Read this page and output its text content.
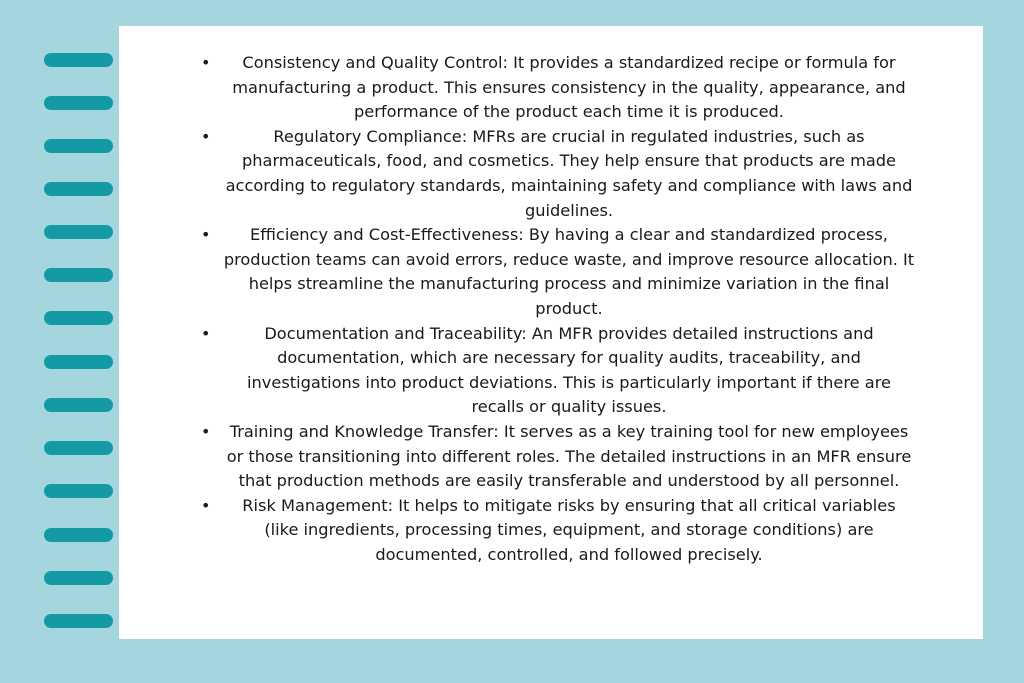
• Consistency and Quality Control: It provides a standardized recipe or formula for manufacturing a product. This ensures consistency in the quality, appearance, and performance of the product each time it is produced.
•	Regulatory Compliance: MFRs are crucial in regulated industries, such as pharmaceuticals, food, and cosmetics. They help ensure that products are made according to regulatory standards, maintaining safety and compliance with laws and guidelines.
• Efficiency and Cost-Effectiveness: By having a clear and standardized process, production teams can avoid errors, reduce waste, and improve resource allocation. It helps streamline the manufacturing process and minimize variation in the final product.
•	Documentation and Traceability: An MFR provides detailed instructions and documentation, which are necessary for quality audits, traceability, and investigations into product deviations. This is particularly important if there are recalls or quality issues.
• Training and Knowledge Transfer: It serves as a key training tool for new employees or those transitioning into different roles. The detailed instructions in an MFR ensure that production methods are easily transferable and understood by all personnel.
• Risk Management: It helps to mitigate risks by ensuring that all critical variables (like ingredients, processing times, equipment, and storage conditions) are documented, controlled, and followed precisely.
